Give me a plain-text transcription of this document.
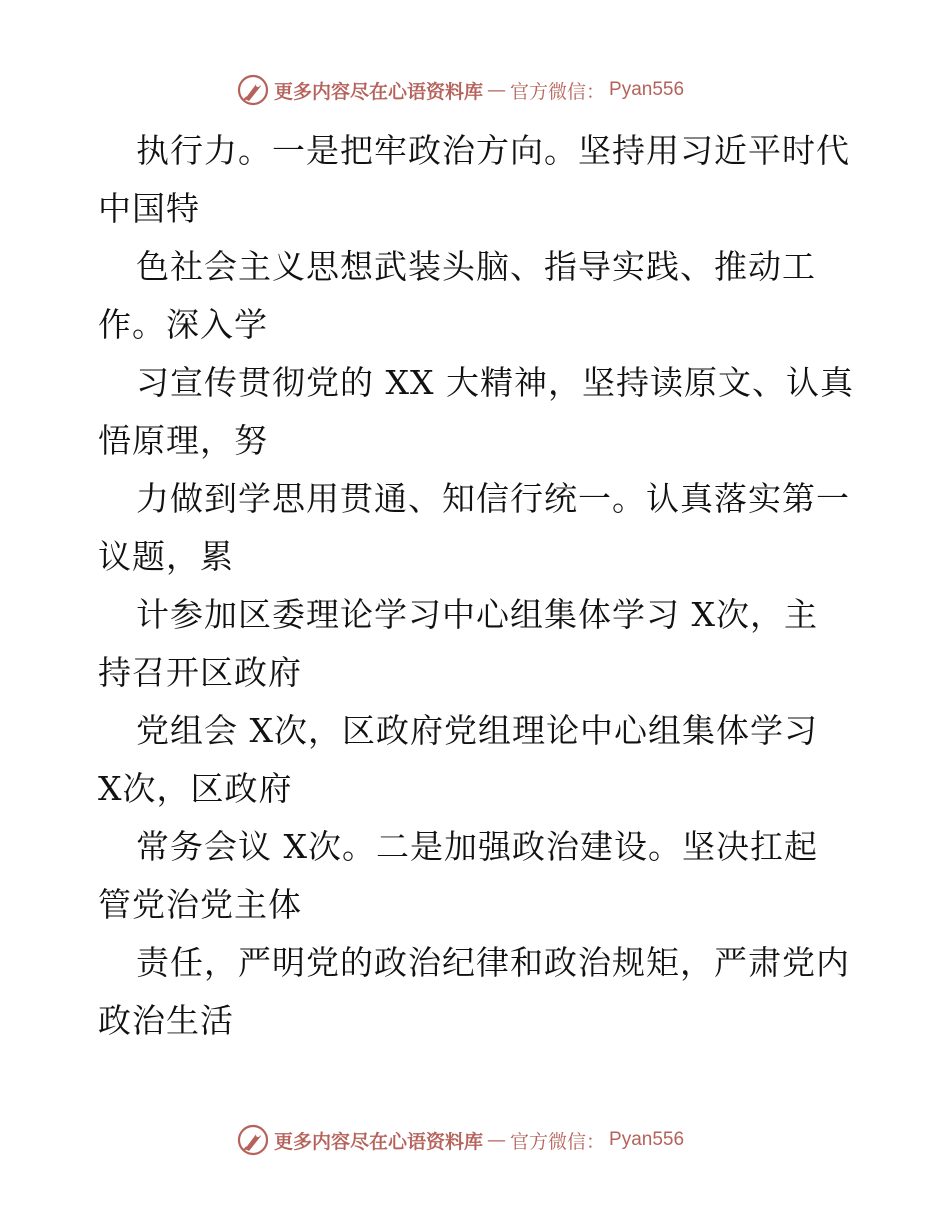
更多内容尽在心语资料库 — 官方微信： Pyan556

执行力。一是把牢政治方向。坚持用习近平时代
中国特

色社会主义思想武装头脑、指导实践、推动工
作。深入学

习宣传贯彻党的 XX 大精神，坚持读原文、认真
悟原理，努

力做到学思用贯通、知信行统一。认真落实第一
议题，累

计参加区委理论学习中心组集体学习 X次，主
持召开区政府

党组会 X次，区政府党组理论中心组集体学习
X次，区政府

常务会议 X次。二是加强政治建设。坚决扛起
管党治党主体

责任，严明党的政治纪律和政治规矩，严肃党内
政治生活

更多内容尽在心语资料库 — 官方微信： Pyan556
